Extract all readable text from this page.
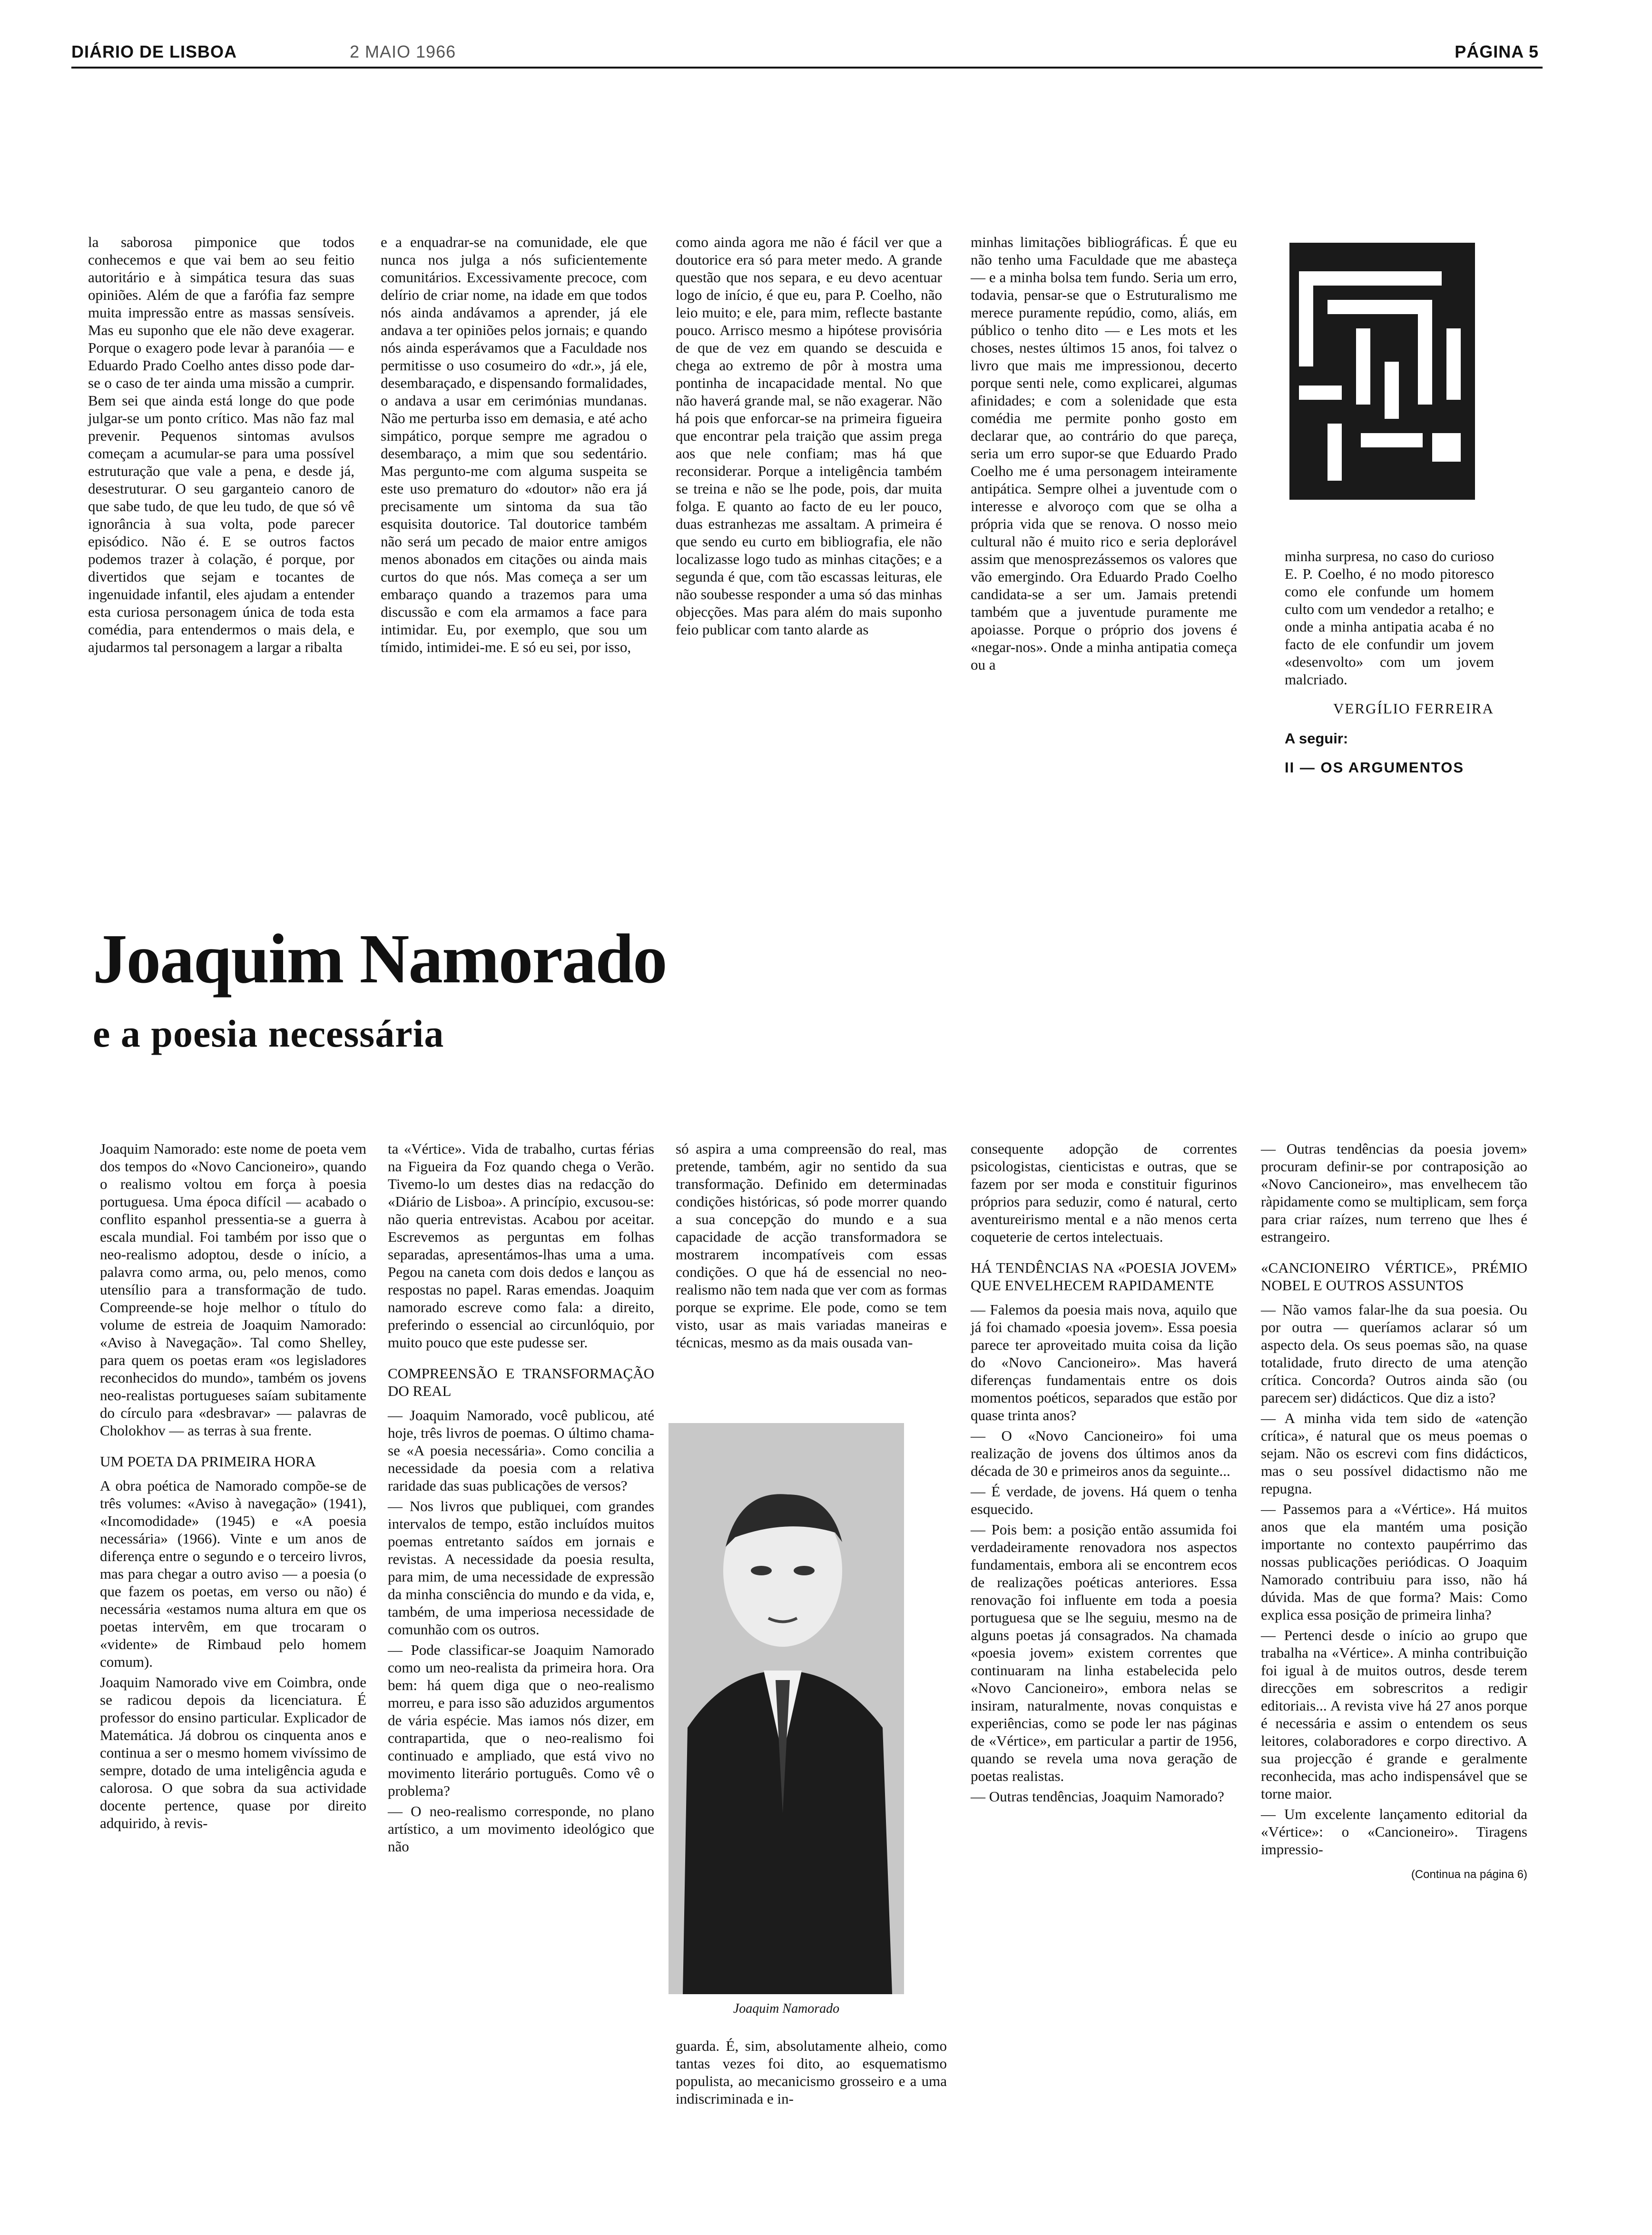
DIÁRIO DE LISBOA	2 MAIO 1966	PÁGINA 5

la saborosa pimponice que todos conhecemos e que vai bem ao seu feitio autoritário e à simpática tesura das suas opiniões. Além de que a farófia faz sempre muita impressão entre as massas sensíveis. Mas eu suponho que ele não deve exagerar. Porque o exagero pode levar à paranóia — e Eduardo Prado Coelho antes disso pode dar-se o caso de ter ainda uma missão a cumprir. Bem sei que ainda está longe do que pode julgar-se um ponto crítico. Mas não faz mal prevenir. Pequenos sintomas avulsos começam a acumular-se para uma possível estruturação que vale a pena, e desde já, desestruturar. O seu garganteio canoro de que sabe tudo, de que leu tudo, de que só vê ignorância à sua volta, pode parecer episódico. Não é. E se outros factos podemos trazer à colação, é porque, por divertidos que sejam e tocantes de ingenuidade infantil, eles ajudam a entender esta curiosa personagem única de toda esta comédia, para entendermos o mais dela, e ajudarmos tal personagem a largar a ribalta

e a enquadrar-se na comunidade, ele que nunca nos julga a nós suficientemente comunitários. Excessivamente precoce, com delírio de criar nome, na idade em que todos nós ainda andávamos a aprender, já ele andava a ter opiniões pelos jornais; e quando nós ainda esperávamos que a Faculdade nos permitisse o uso cosumeiro do «dr.», já ele, desembaraçado, e dispensando formalidades, o andava a usar em cerimónias mundanas. Não me perturba isso em demasia, e até acho simpático, porque sempre me agradou o desembaraço, a mim que sou sedentário. Mas pergunto-me com alguma suspeita se este uso prematuro do «doutor» não era já precisamente um sintoma da sua tão esquisita doutorice. Tal doutorice também não será um pecado de maior entre amigos menos abonados em citações ou ainda mais curtos do que nós. Mas começa a ser um embaraço quando a trazemos para uma discussão e com ela armamos a face para intimidar. Eu, por exemplo, que sou um tímido, intimidei-me. E só eu sei, por isso,

como ainda agora me não é fácil ver que a doutorice era só para meter medo. A grande questão que nos separa, e eu devo acentuar logo de início, é que eu, para P. Coelho, não leio muito; e ele, para mim, reflecte bastante pouco. Arrisco mesmo a hipótese provisória de que de vez em quando se descuida e chega ao extremo de pôr à mostra uma pontinha de incapacidade mental. No que não haverá grande mal, se não exagerar. Não há pois que enforcar-se na primeira figueira que encontrar pela traição que assim prega aos que nele confiam; mas há que reconsiderar. Porque a inteligência também se treina e não se lhe pode, pois, dar muita folga. E quanto ao facto de eu ler pouco, duas estranhezas me assaltam. A primeira é que sendo eu curto em bibliografia, ele não localizasse logo tudo as minhas citações; e a segunda é que, com tão escassas leituras, ele não soubesse responder a uma só das minhas objecções. Mas para além do mais suponho feio publicar com tanto alarde as

minhas limitações bibliográficas. É que eu não tenho uma Faculdade que me abasteça — e a minha bolsa tem fundo. Seria um erro, todavia, pensar-se que o Estruturalismo me merece puramente repúdio, como, aliás, em público o tenho dito — e Les mots et les choses, nestes últimos 15 anos, foi talvez o livro que mais me impressionou, decerto porque senti nele, como explicarei, algumas afinidades; e com a solenidade que esta comédia me permite ponho gosto em declarar que, ao contrário do que pareça, seria um erro supor-se que Eduardo Prado Coelho me é uma personagem inteiramente antipática. Sempre olhei a juventude com o interesse e alvoroço com que se olha a própria vida que se renova. O nosso meio cultural não é muito rico e seria deplorável assim que menosprezássemos os valores que vão emergindo. Ora Eduardo Prado Coelho candidata-se a ser um. Jamais pretendi também que a juventude puramente me apoiasse. Porque o próprio dos jovens é «negar-nos». Onde a minha antipatia começa ou a

minha surpresa, no caso do curioso E. P. Coelho, é no modo pitoresco como ele confunde um homem culto com um vendedor a retalho; e onde a minha antipatia acaba é no facto de ele confundir um jovem «desenvolto» com um jovem malcriado.

VERGÍLIO FERREIRA
A seguir:
II — OS ARGUMENTOS
Joaquim Namorado
e a poesia necessária

Joaquim Namorado: este nome de poeta vem dos tempos do «Novo Cancioneiro», quando o realismo voltou em força à poesia portuguesa. Uma época difícil — acabado o conflito espanhol pressentia-se a guerra à escala mundial. Foi também por isso que o neo-realismo adoptou, desde o início, a palavra como arma, ou, pelo menos, como utensílio para a transformação de tudo. Compreende-se hoje melhor o título do volume de estreia de Joaquim Namorado: «Aviso à Navegação». Tal como Shelley, para quem os poetas eram «os legisladores reconhecidos do mundo», também os jovens neo-realistas portugueses saíam subitamente do círculo para «desbravar» — palavras de Cholokhov — as terras à sua frente.

UM POETA DA PRIMEIRA HORA

A obra poética de Namorado compõe-se de três volumes: «Aviso à navegação» (1941), «Incomodidade» (1945) e «A poesia necessária» (1966). Vinte e um anos de diferença entre o segundo e o terceiro livros, mas para chegar a outro aviso — a poesia (o que fazem os poetas, em verso ou não) é necessária «estamos numa altura em que os poetas intervêm, em que trocaram o «vidente» de Rimbaud pelo homem comum).

Joaquim Namorado vive em Coimbra, onde se radicou depois da licenciatura. É professor do ensino particular. Explicador de Matemática. Já dobrou os cinquenta anos e continua a ser o mesmo homem vivíssimo de sempre, dotado de uma inteligência aguda e calorosa. O que sobra da sua actividade docente pertence, quase por direito adquirido, à revis-

ta «Vértice». Vida de trabalho, curtas férias na Figueira da Foz quando chega o Verão. Tivemo-lo um destes dias na redacção do «Diário de Lisboa». A princípio, excusou-se: não queria entrevistas. Acabou por aceitar. Escrevemos as perguntas em folhas separadas, apresentámos-lhas uma a uma. Pegou na caneta com dois dedos e lançou as respostas no papel. Raras emendas. Joaquim namorado escreve como fala: a direito, preferindo o essencial ao circunlóquio, por muito pouco que este pudesse ser.

COMPREENSÃO E TRANSFORMAÇÃO DO REAL

— Joaquim Namorado, você publicou, até hoje, três livros de poemas. O último chama-se «A poesia necessária». Como concilia a necessidade da poesia com a relativa raridade das suas publicações de versos?

— Nos livros que publiquei, com grandes intervalos de tempo, estão incluídos muitos poemas entretanto saídos em jornais e revistas. A necessidade da poesia resulta, para mim, de uma necessidade de expressão da minha consciência do mundo e da vida, e, também, de uma imperiosa necessidade de comunhão com os outros.

— Pode classificar-se Joaquim Namorado como um neo-realista da primeira hora. Ora bem: há quem diga que o neo-realismo morreu, e para isso são aduzidos argumentos de vária espécie. Mas iamos nós dizer, em contrapartida, que o neo-realismo foi continuado e ampliado, que está vivo no movimento literário português. Como vê o problema?

— O neo-realismo corresponde, no plano artístico, a um movimento ideológico que não

só aspira a uma compreensão do real, mas pretende, também, agir no sentido da sua transformação. Definido em determinadas condições históricas, só pode morrer quando a sua concepção do mundo e a sua capacidade de acção transformadora se mostrarem incompatíveis com essas condições. O que há de essencial no neo-realismo não tem nada que ver com as formas porque se exprime. Ele pode, como se tem visto, usar as mais variadas maneiras e técnicas, mesmo as da mais ousada van-

Joaquim Namorado

guarda. É, sim, absolutamente alheio, como tantas vezes foi dito, ao esquematismo populista, ao mecanicismo grosseiro e a uma indiscriminada e in-

consequente adopção de correntes psicologistas, cienticistas e outras, que se fazem por ser moda e constituir figurinos próprios para seduzir, como é natural, certo aventureirismo mental e a não menos certa coqueterie de certos intelectuais.

HÁ TENDÊNCIAS NA «POESIA JOVEM» QUE ENVELHECEM RAPIDAMENTE

— Falemos da poesia mais nova, aquilo que já foi chamado «poesia jovem». Essa poesia parece ter aproveitado muita coisa da lição do «Novo Cancioneiro». Mas haverá diferenças fundamentais entre os dois momentos poéticos, separados que estão por quase trinta anos?

— O «Novo Cancioneiro» foi uma realização de jovens dos últimos anos da década de 30 e primeiros anos da seguinte...

— É verdade, de jovens. Há quem o tenha esquecido.

— Pois bem: a posição então assumida foi verdadeiramente renovadora nos aspectos fundamentais, embora ali se encontrem ecos de realizações poéticas anteriores. Essa renovação foi influente em toda a poesia portuguesa que se lhe seguiu, mesmo na de alguns poetas já consagrados. Na chamada «poesia jovem» existem correntes que continuaram na linha estabelecida pelo «Novo Cancioneiro», embora nelas se insiram, naturalmente, novas conquistas e experiências, como se pode ler nas páginas de «Vértice», em particular a partir de 1956, quando se revela uma nova geração de poetas realistas.

— Outras tendências, Joaquim Namorado?

— Outras tendências da poesia jovem» procuram definir-se por contraposição ao «Novo Cancioneiro», mas envelhecem tão ràpidamente como se multiplicam, sem força para criar raízes, num terreno que lhes é estrangeiro.

«CANCIONEIRO VÉRTICE», PRÉMIO NOBEL E OUTROS ASSUNTOS

— Não vamos falar-lhe da sua poesia. Ou por outra — queríamos aclarar só um aspecto dela. Os seus poemas são, na quase totalidade, fruto directo de uma atenção crítica. Concorda? Outros ainda são (ou parecem ser) didácticos. Que diz a isto?

— A minha vida tem sido de «atenção crítica», é natural que os meus poemas o sejam. Não os escrevi com fins didácticos, mas o seu possível didactismo não me repugna.

— Passemos para a «Vértice». Há muitos anos que ela mantém uma posição importante no contexto paupérrimo das nossas publicações periódicas. O Joaquim Namorado contribuiu para isso, não há dúvida. Mas de que forma? Mais: Como explica essa posição de primeira linha?

— Pertenci desde o início ao grupo que trabalha na «Vértice». A minha contribuição foi igual à de muitos outros, desde terem direcções em sobrescritos a redigir editoriais... A revista vive há 27 anos porque é necessária e assim o entendem os seus leitores, colaboradores e corpo directivo. A sua projecção é grande e geralmente reconhecida, mas acho indispensável que se torne maior.

— Um excelente lançamento editorial da «Vértice»: o «Cancioneiro». Tiragens impressio-

(Continua na página 6)
